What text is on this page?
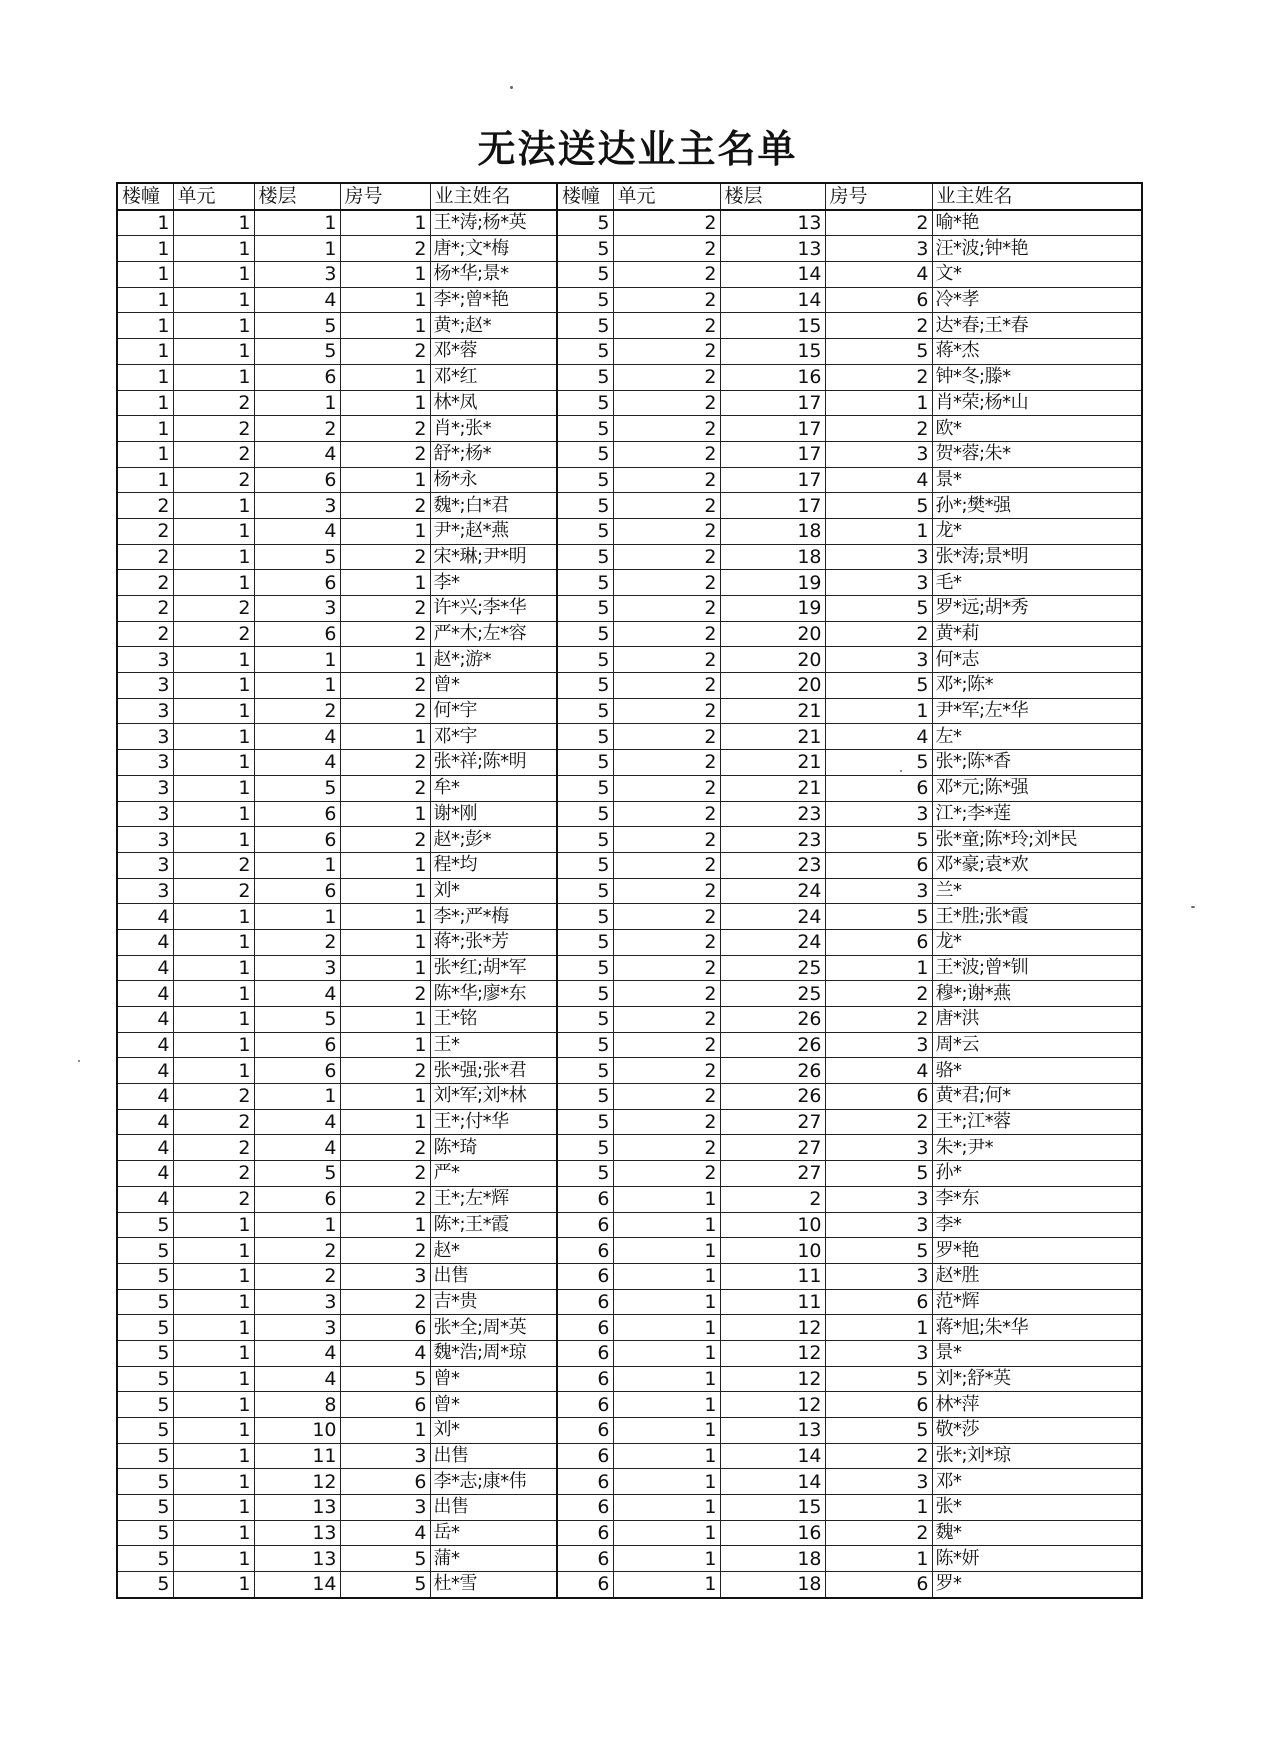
无法送达业主名单
楼幢	单元	楼层	房号	业主姓名	楼幢	单元	楼层	房号	业主姓名
1	1	1	1	王*涛;杨*英	5	2	13	2	喻*艳
1	1	1	2	唐*;文*梅	5	2	13	3	汪*波;钟*艳
1	1	3	1	杨*华;景*	5	2	14	4	文*
1	1	4	1	李*;曾*艳	5	2	14	6	冷*孝
1	1	5	1	黄*;赵*	5	2	15	2	达*春;王*春
1	1	5	2	邓*蓉	5	2	15	5	蒋*杰
1	1	6	1	邓*红	5	2	16	2	钟*冬;滕*
1	2	1	1	林*凤	5	2	17	1	肖*荣;杨*山
1	2	2	2	肖*;张*	5	2	17	2	欧*
1	2	4	2	舒*;杨*	5	2	17	3	贺*蓉;朱*
1	2	6	1	杨*永	5	2	17	4	景*
2	1	3	2	魏*;白*君	5	2	17	5	孙*;樊*强
2	1	4	1	尹*;赵*燕	5	2	18	1	龙*
2	1	5	2	宋*琳;尹*明	5	2	18	3	张*涛;景*明
2	1	6	1	李*	5	2	19	3	毛*
2	2	3	2	许*兴;李*华	5	2	19	5	罗*远;胡*秀
2	2	6	2	严*木;左*容	5	2	20	2	黄*莉
3	1	1	1	赵*;游*	5	2	20	3	何*志
3	1	1	2	曾*	5	2	20	5	邓*;陈*
3	1	2	2	何*宇	5	2	21	1	尹*军;左*华
3	1	4	1	邓*宇	5	2	21	4	左*
3	1	4	2	张*祥;陈*明	5	2	21	5	张*;陈*香
3	1	5	2	牟*	5	2	21	6	邓*元;陈*强
3	1	6	1	谢*刚	5	2	23	3	江*;李*莲
3	1	6	2	赵*;彭*	5	2	23	5	张*童;陈*玲;刘*民
3	2	1	1	程*均	5	2	23	6	邓*豪;袁*欢
3	2	6	1	刘*	5	2	24	3	兰*
4	1	1	1	李*;严*梅	5	2	24	5	王*胜;张*霞
4	1	2	1	蒋*;张*芳	5	2	24	6	龙*
4	1	3	1	张*红;胡*军	5	2	25	1	王*波;曾*钏
4	1	4	2	陈*华;廖*东	5	2	25	2	穆*;谢*燕
4	1	5	1	王*铭	5	2	26	2	唐*洪
4	1	6	1	王*	5	2	26	3	周*云
4	1	6	2	张*强;张*君	5	2	26	4	骆*
4	2	1	1	刘*军;刘*林	5	2	26	6	黄*君;何*
4	2	4	1	王*;付*华	5	2	27	2	王*;江*蓉
4	2	4	2	陈*琦	5	2	27	3	朱*;尹*
4	2	5	2	严*	5	2	27	5	孙*
4	2	6	2	王*;左*辉	6	1	2	3	李*东
5	1	1	1	陈*;王*霞	6	1	10	3	李*
5	1	2	2	赵*	6	1	10	5	罗*艳
5	1	2	3	出售	6	1	11	3	赵*胜
5	1	3	2	吉*贵	6	1	11	6	范*辉
5	1	3	6	张*全;周*英	6	1	12	1	蒋*旭;朱*华
5	1	4	4	魏*浩;周*琼	6	1	12	3	景*
5	1	4	5	曾*	6	1	12	5	刘*;舒*英
5	1	8	6	曾*	6	1	12	6	林*萍
5	1	10	1	刘*	6	1	13	5	敬*莎
5	1	11	3	出售	6	1	14	2	张*;刘*琼
5	1	12	6	李*志;康*伟	6	1	14	3	邓*
5	1	13	3	出售	6	1	15	1	张*
5	1	13	4	岳*	6	1	16	2	魏*
5	1	13	5	蒲*	6	1	18	1	陈*妍
5	1	14	5	杜*雪	6	1	18	6	罗*
